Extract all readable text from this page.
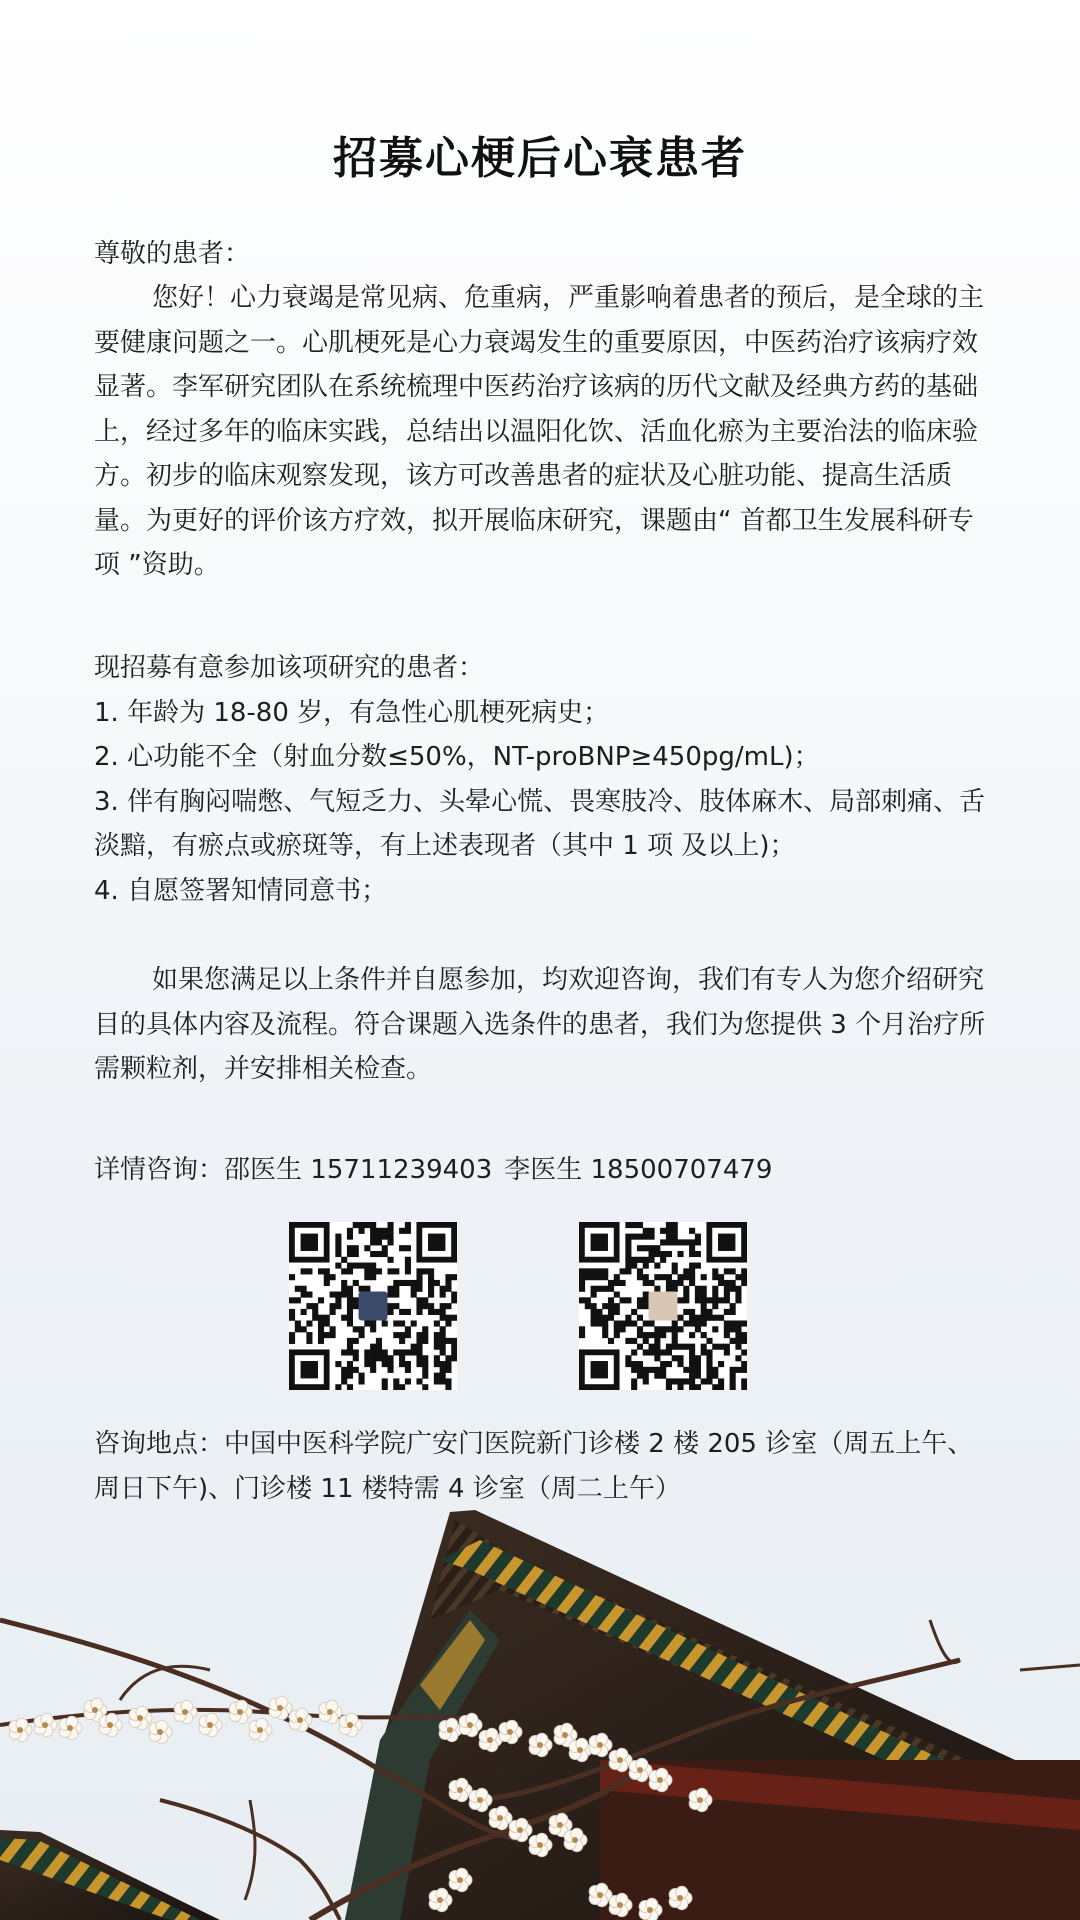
招募心梗后心衰患者
尊敬的患者：
您好！心力衰竭是常见病、危重病，严重影响着患者的预后，是全球的主要健康问题之一。心肌梗死是心力衰竭发生的重要原因，中医药治疗该病疗效显著。李军研究团队在系统梳理中医药治疗该病的历代文献及经典方药的基础上，经过多年的临床实践，总结出以温阳化饮、活血化瘀为主要治法的临床验方。初步的临床观察发现，该方可改善患者的症状及心脏功能、提高生活质量。为更好的评价该方疗效，拟开展临床研究，课题由“ 首都卫生发展科研专项 ”资助。
现招募有意参加该项研究的患者：
1. 年龄为 18-80 岁，有急性心肌梗死病史；
2. 心功能不全（射血分数≤50%，NT-proBNP≥450pg/mL)；
3. 伴有胸闷喘憋、气短乏力、头晕心慌、畏寒肢冷、肢体麻木、局部刺痛、舌淡黯，有瘀点或瘀斑等，有上述表现者（其中 1 项 及以上)；
4. 自愿签署知情同意书；
如果您满足以上条件并自愿参加，均欢迎咨询，我们有专人为您介绍研究目的具体内容及流程。符合课题入选条件的患者，我们为您提供 3 个月治疗所需颗粒剂，并安排相关检查。
详情咨询：邵医生 15711239403 李医生 18500707479
咨询地点：中国中医科学院广安门医院新门诊楼 2 楼 205 诊室（周五上午、周日下午)、门诊楼 11 楼特需 4 诊室（周二上午）
